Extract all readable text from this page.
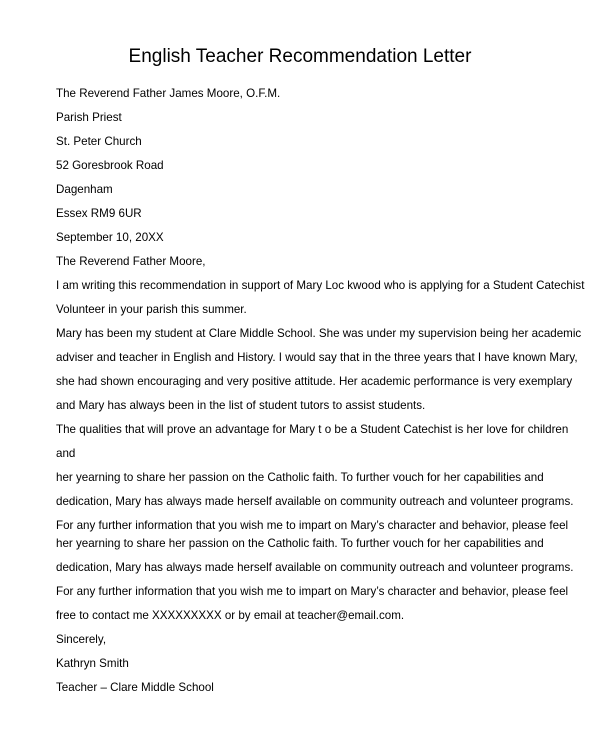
English Teacher Recommendation Letter
The Reverend Father James Moore, O.F.M.
Parish Priest
St. Peter Church
52 Goresbrook Road
Dagenham
Essex RM9 6UR
September 10, 20XX
The Reverend Father Moore,
I am writing this recommendation in support of Mary Loc kwood who is applying for a Student Catechist
Volunteer in your parish this summer.
Mary has been my student at Clare Middle School. She was under my supervision being her academic
adviser and teacher in English and History. I would say that in the three years that I have known Mary,
she had shown encouraging and very positive attitude. Her academic performance is very exemplary
and Mary has always been in the list of student tutors to assist students.
The qualities that will prove an advantage for Mary t o be a Student Catechist is her love for children
and
her yearning to share her passion on the Catholic faith. To further vouch for her capabilities and
dedication, Mary has always made herself available on community outreach and volunteer programs.
For any further information that you wish me to impart on Mary’s character and behavior, please feel
her yearning to share her passion on the Catholic faith. To further vouch for her capabilities and
dedication, Mary has always made herself available on community outreach and volunteer programs.
For any further information that you wish me to impart on Mary’s character and behavior, please feel
free to contact me XXXXXXXXX or by email at teacher@email.com.
Sincerely,
Kathryn Smith
Teacher – Clare Middle School
